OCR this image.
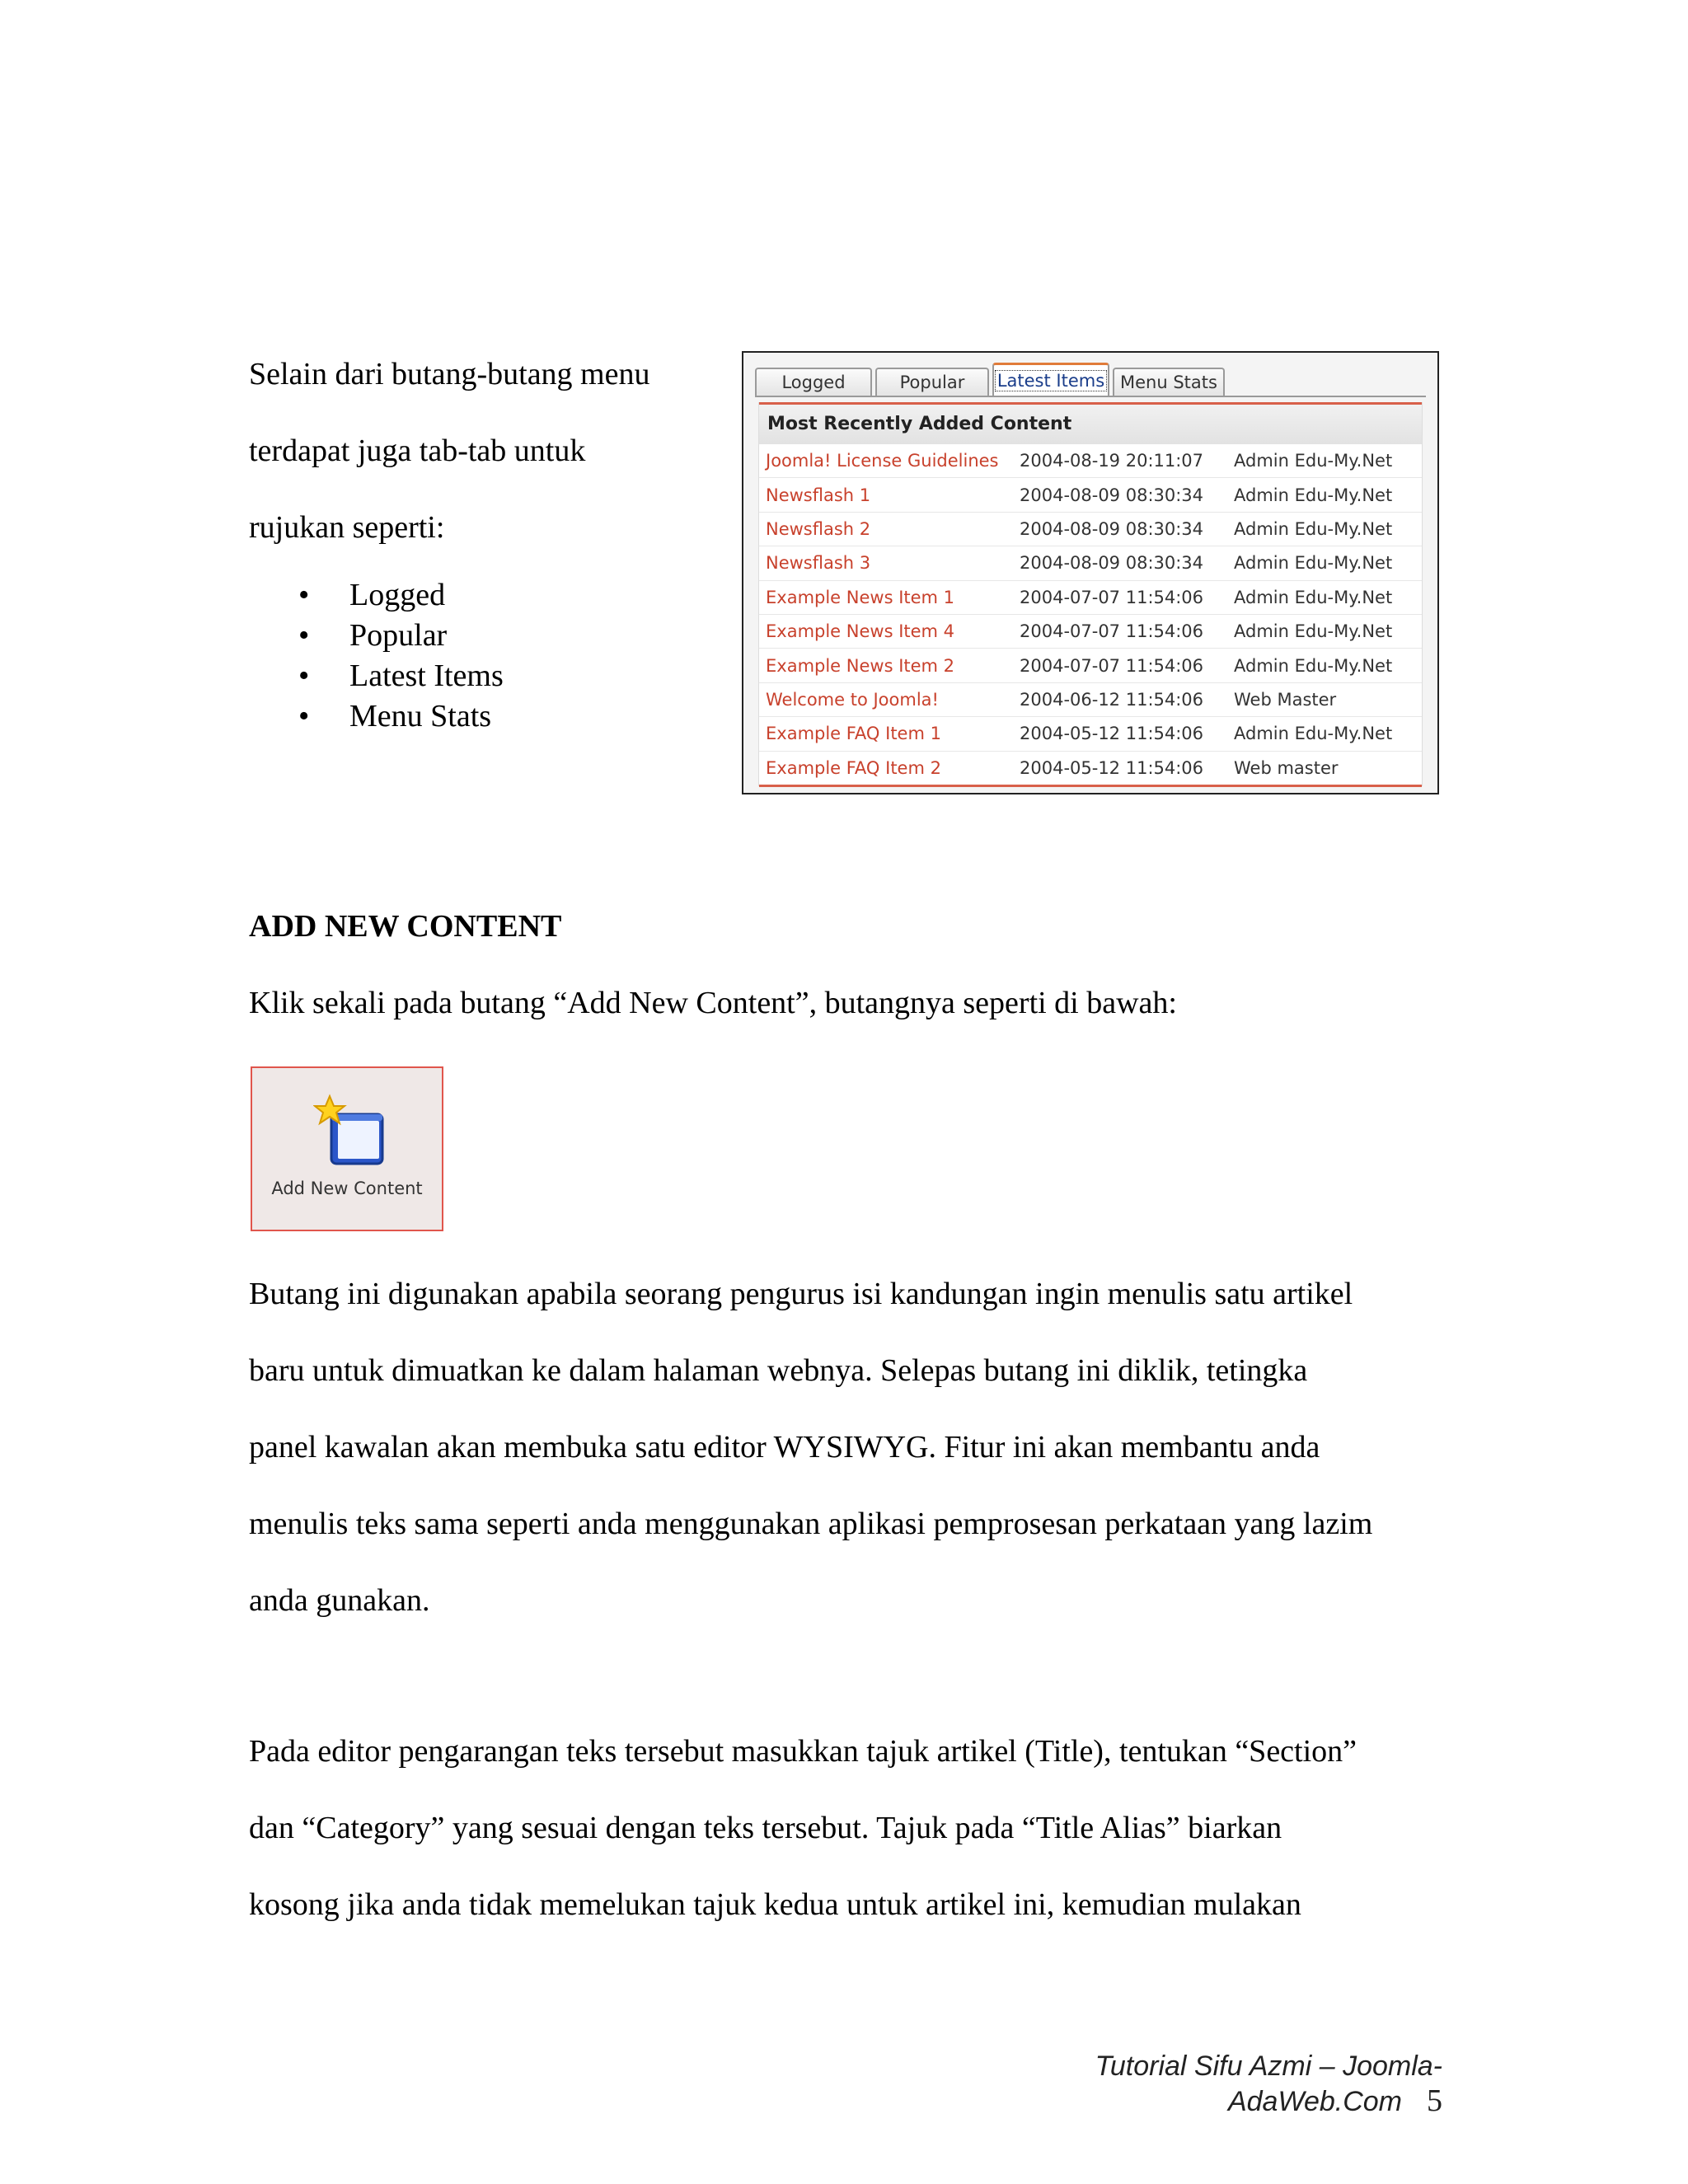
Selain dari butang-butang menu

terdapat juga tab-tab untuk

rujukan seperti:

• Logged
• Popular
• Latest Items
• Menu Stats
Logged	Popular Latest Items Menu Stats
Most Recently Added Content
Joomla! License Guidelines	2004-08-19 20:11:07	Admin Edu-My.Net
Newsflash 1	2004-08-09 08:30:34	Admin Edu-My.Net
Newsflash 2	2004-08-09 08:30:34	Admin Edu-My.Net
Newsflash 3	2004-08-09 08:30:34	Admin Edu-My.Net
Example News Item 1	2004-07-07 11:54:06	Admin Edu-My.Net
Example News Item 4	2004-07-07 11:54:06	Admin Edu-My.Net
Example News Item 2	2004-07-07 11:54:06	Admin Edu-My.Net
Welcome to Joomla!	2004-06-12 11:54:06	Web Master
Example FAQ Item 1	2004-05-12 11:54:06	Admin Edu-My.Net
Example FAQ Item 2	2004-05-12 11:54:06	Web master
ADD NEW CONTENT

Klik sekali pada butang “Add New Content”, butangnya seperti di bawah:

Add New Content

Butang ini digunakan apabila seorang pengurus isi kandungan ingin menulis satu artikel

baru untuk dimuatkan ke dalam halaman webnya. Selepas butang ini diklik, tetingka

panel kawalan akan membuka satu editor WYSIWYG. Fitur ini akan membantu anda

menulis teks sama seperti anda menggunakan aplikasi pemprosesan perkataan yang lazim

anda gunakan.

Pada editor pengarangan teks tersebut masukkan tajuk artikel (Title), tentukan “Section”

dan “Category” yang sesuai dengan teks tersebut. Tajuk pada “Title Alias” biarkan

kosong jika anda tidak memelukan tajuk kedua untuk artikel ini, kemudian mulakan

Tutorial Sifu Azmi – Joomla-AdaWeb.Com 5
